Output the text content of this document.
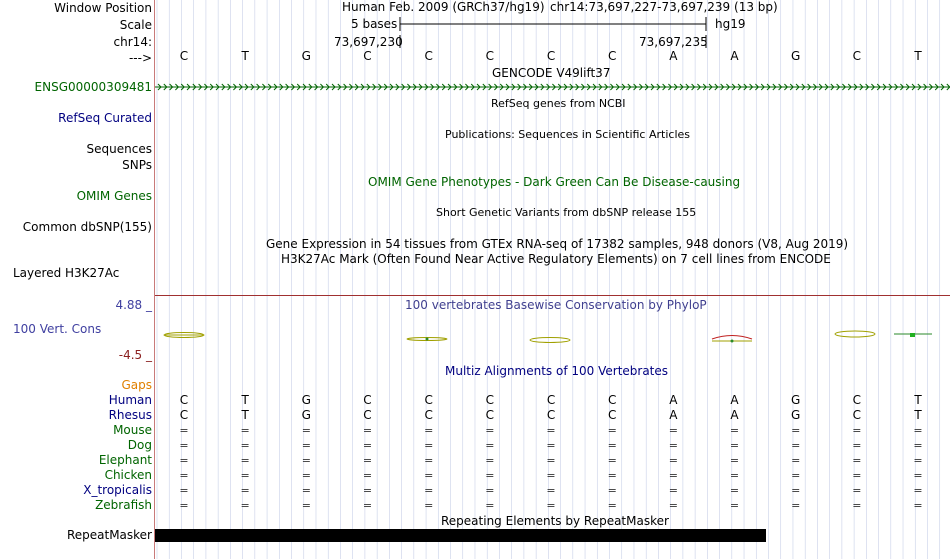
Window Position
Scale
chr14:
--->
ENSG00000309481
RefSeq Curated
Sequences
SNPs
OMIM Genes
Common dbSNP(155)
Layered H3K27Ac
4.88 _
100 Vert. Cons
-4.5 _
Gaps
Human
Rhesus
Mouse
Dog
Elephant
Chicken
X_tropicalis
Zebrafish
RepeatMasker
Human Feb. 2009 (GRCh37/hg19) chr14:73,697,227-73,697,239 (13 bp)
5 bases	hg19
73,697,230	73,697,235
C	T	G	C	C	C	C	C	A	A	G	C	T
GENCODE V49lift37
RefSeq genes from NCBI
Publications: Sequences in Scientific Articles
OMIM Gene Phenotypes - Dark Green Can Be Disease-causing
Short Genetic Variants from dbSNP release 155
Gene Expression in 54 tissues from GTEx RNA-seq of 17382 samples, 948 donors (V8, Aug 2019)
H3K27Ac Mark (Often Found Near Active Regulatory Elements) on 7 cell lines from ENCODE
100 vertebrates Basewise Conservation by PhyloP
Multiz Alignments of 100 Vertebrates
C	T	G	C	C	C	C	C	A	A	G	C	T
C	T	G	C	C	C	C	C	A	A	G	C	T
=	=	=	=	=	=	=	=	=	=	=	=	=
=	=	=	=	=	=	=	=	=	=	=	=	=
=	=	=	=	=	=	=	=	=	=	=	=	=
=	=	=	=	=	=	=	=	=	=	=	=	=
=	=	=	=	=	=	=	=	=	=	=	=	=
=	=	=	=	=	=	=	=	=	=	=	=	=
Repeating Elements by RepeatMasker
